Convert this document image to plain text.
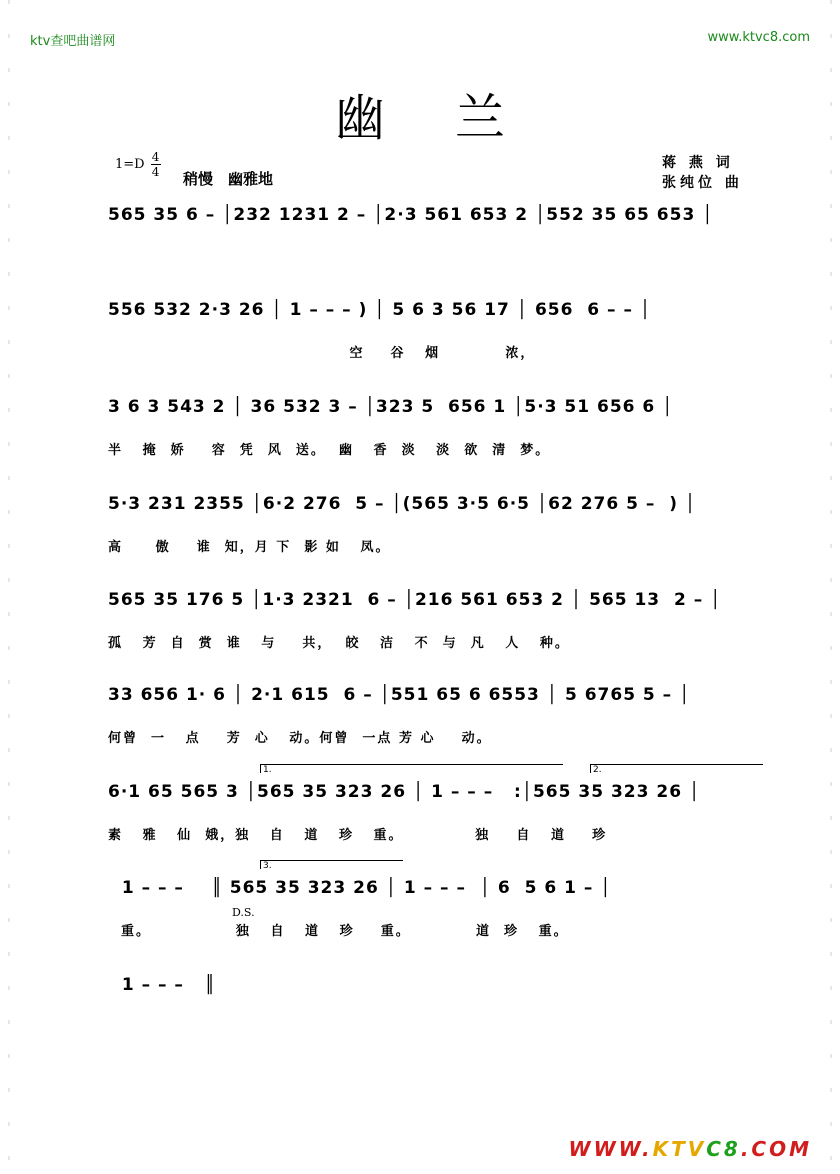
ktv查吧曲谱网	www.ktvc8.com
幽兰
$1=D \frac{4}{4}$ 稍慢　幽雅地
蒋 燕 词
张纯位 曲
565 35 6 – │232 1231 2 – │2·3 561 653 2 │552 35 65 653 │
556 532 2·3 26 │ 1 – – – ) │ 5 6 3 56 17 │ 656  6 – – │
空    谷   烟          浓，
3 6 3 543 2 │ 36 532 3 – │323 5  656 1 │5·3 51 656 6 │
半   掩  娇    容  凭  风  送。  幽   香  淡   淡  欲  清  梦。
5·3 231 2355 │6·2 276  5 – │(565 3·5 6·5 │62 276 5 –  ) │
高     傲    谁  知，月 下  影 如   凤。
565 35 176 5 │1·3 2321  6 – │216 561 653 2 │ 565 13  2 – │
孤   芳  自  赏  谁   与    共，  皎   洁   不  与  凡   人   种。
33 656 1· 6 │ 2·1 615  6 – │551 65 6 6553 │ 5 6765 5 – │
何曾  一   点    芳  心   动。何曾  一点 芳 心    动。
1.	2.
6·1 65 565 3 │565 35 323 26 │ 1 – – –   :│565 35 323 26 │
素   雅   仙  娥，独   自   道   珍   重。           独    自   道    珍
3.
1 – – –    ║ 565 35 323 26 │ 1 – – –  │ 6  5 6 1 – │
重。             独   自   道   珍    重。          道  珍   重。
D.S.
1 – – –   ║
WWW.KTVC8.COM
